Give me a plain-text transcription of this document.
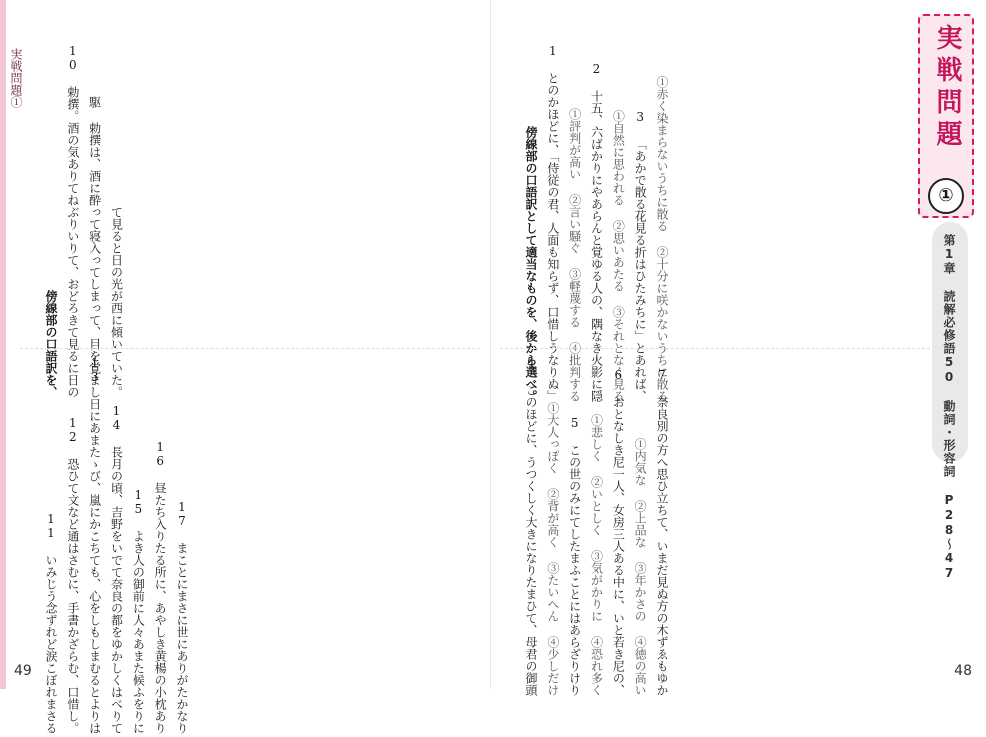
実戦問題①
傍線部の口語訳を、 10 勅撰。酒の気ありてねぶりいりて、おどろきて見るに日の 駆 勅撰は、酒に酔って寝入ってしまって、目を覚まし て見ると日の光が西に傾いていた。
11 いみじう念ずれど涙こぼれまさる 12 恐ひて文など通はさむに、手書かざらむ、口惜し。 13 日にあまたゝび、嵐にかこちても、心をしもしまむるとよりは 14 長月の頃、吉野をいでて奈良の都をゆかしくはべりて 15 よき人の御前に人々あまた候ふをりに 16 昼たち入りたる所に、あやしき黄楊の小枕あり 17 まことにまさに世にありがたかなり
49
実戦問題
①
第1章 読解必修語50 動詞・形容詞 P28〜47
傍線部の口語訳として適当なものを、後から選べ。 1 とのかほどに、「侍従の君、人面も知らず、口惜しうなりぬ」 ①評判が高い ②言い騒ぐ ③軽蔑する ④批判する 2 十五、六ばかりにやあらんと覚ゆる人の、隅なき火影に隠 ①自然に思われる ②思いあたる ③それとなく見る 3 「あかで散る花見る折はひたみちに」とあれば、 ①赤く染まらないうちに散る ②十分に咲かないうちに散る
4 このほどに、うつくしく大きになりたまひて、母君の御頭 ①大人っぽく ②背が高く ③たいへん ④少しだけ 5 この世のみにてしたまふことにはあらざりけり ①悲しく ②いとしく ③気がかりに ④恐れ多く 6 おとなしき尼一人、女房三人ある中に、いと若き尼の、 ①内気な ②上品な ③年かさの ④徳の高い 7 奈良別の方へ思ひ立ちて、いまだ見ぬ方の木ずゑもゆか	48
